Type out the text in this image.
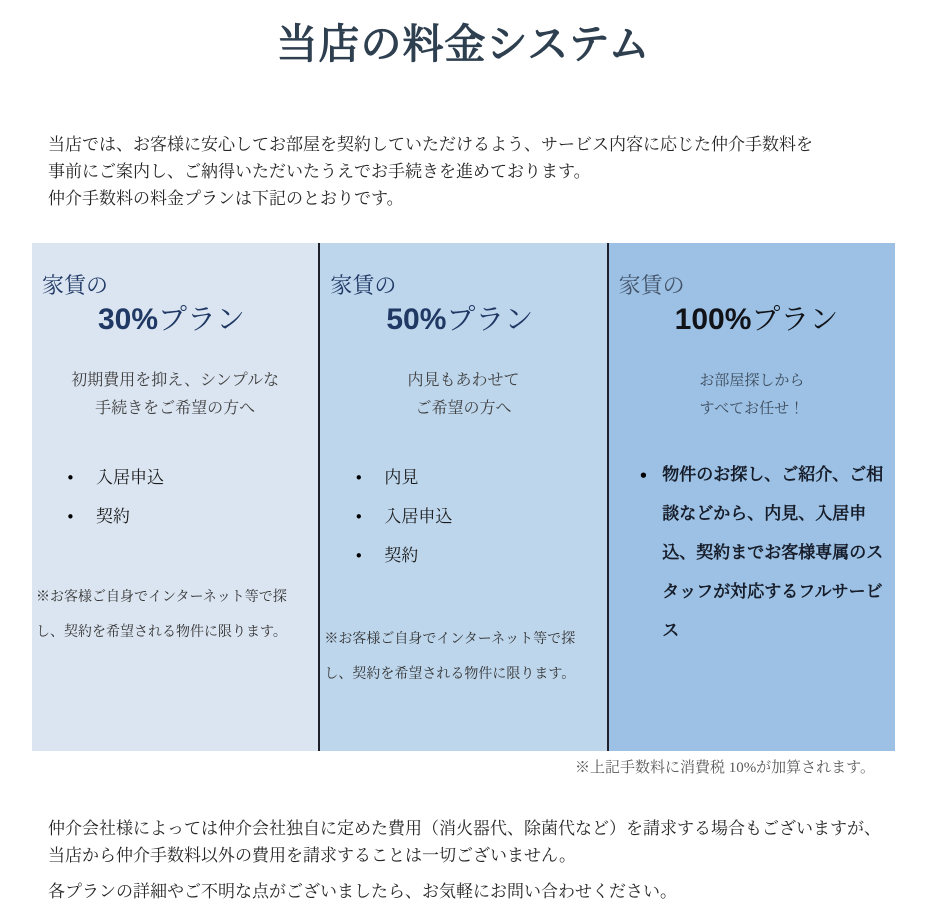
当店の料金システム
当店では、お客様に安心してお部屋を契約していただけるよう、サービス内容に応じた仲介手数料を
事前にご案内し、ご納得いただいたうえでお手続きを進めております。
仲介手数料の料金プランは下記のとおりです。
家賃の
30%プラン
初期費用を抑え、シンプルな
手続きをご希望の方へ
•	入居申込
•	契約
※お客様ご自身でインターネット等で探し、契約を希望される物件に限ります。
家賃の
50%プラン
内見もあわせて
ご希望の方へ
•	内見
•	入居申込
•	契約
※お客様ご自身でインターネット等で探し、契約を希望される物件に限ります。
家賃の
100%プラン
お部屋探しから
すべてお任せ！
• 物件のお探し、ご紹介、ご相談などから、内見、入居申込、契約までお客様専属のスタッフが対応するフルサービス
※上記手数料に消費税 10%が加算されます。
仲介会社様によっては仲介会社独自に定めた費用（消火器代、除菌代など）を請求する場合もございますが、
当店から仲介手数料以外の費用を請求することは一切ございません。
各プランの詳細やご不明な点がございましたら、お気軽にお問い合わせください。
